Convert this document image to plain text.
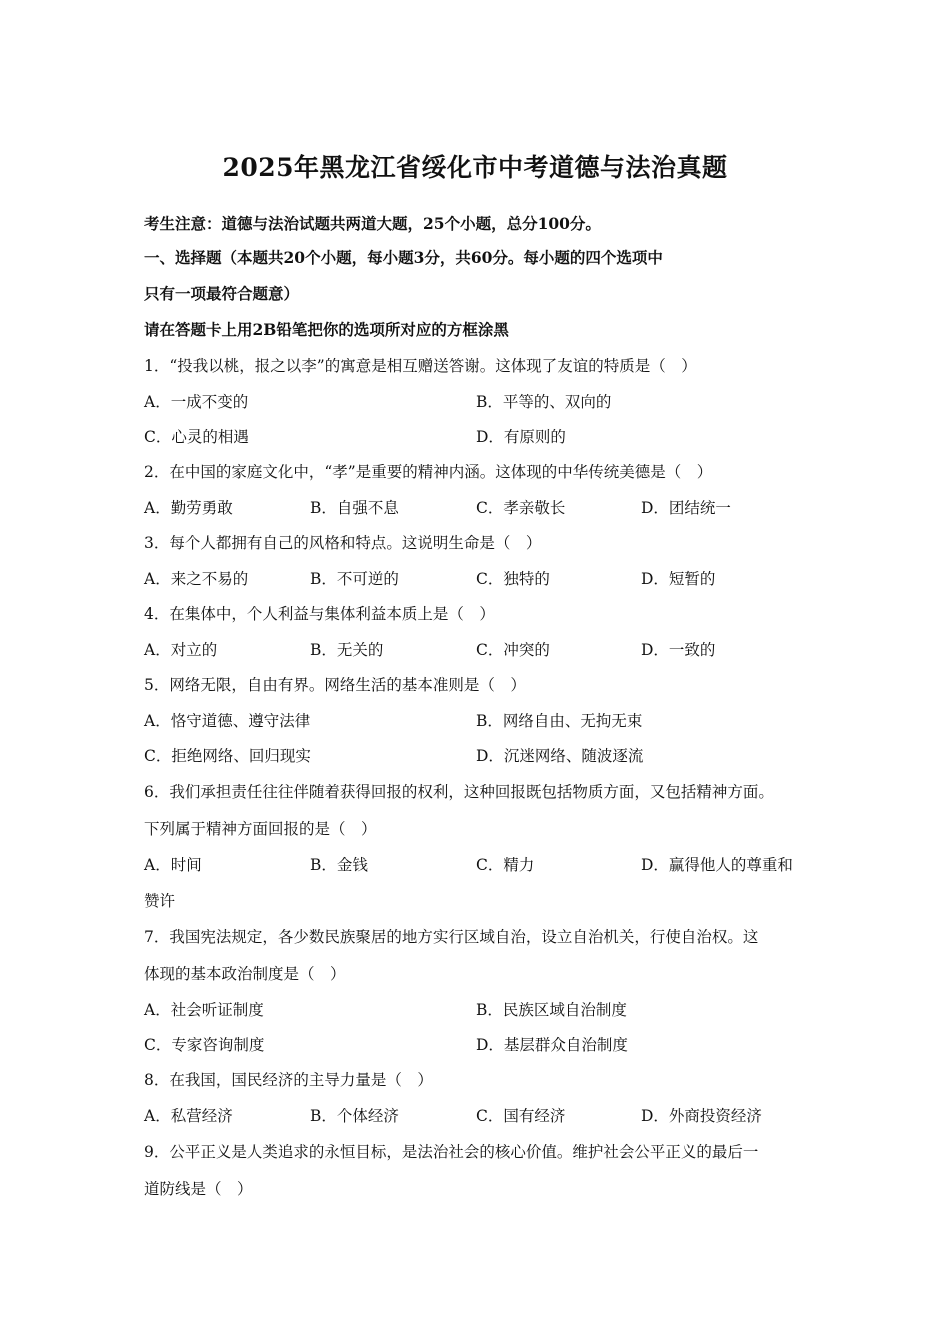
2025年黑龙江省绥化市中考道德与法治真题
考生注意：道德与法治试题共两道大题，25个小题，总分100分。
一、选择题（本题共20个小题，每小题3分，共60分。每小题的四个选项中
只有一项最符合题意）
请在答题卡上用2B铅笔把你的选项所对应的方框涂黑
1．“投我以桃，报之以李”的寓意是相互赠送答谢。这体现了友谊的特质是（　）
A．一成不变的	B．平等的、双向的
C．心灵的相遇	D．有原则的
2．在中国的家庭文化中，“孝”是重要的精神内涵。这体现的中华传统美德是（　）
A．勤劳勇敢	B．自强不息	C．孝亲敬长	D．团结统一
3．每个人都拥有自己的风格和特点。这说明生命是（　）
A．来之不易的	B．不可逆的	C．独特的	D．短暂的
4．在集体中，个人利益与集体利益本质上是（　）
A．对立的	B．无关的	C．冲突的	D．一致的
5．网络无限，自由有界。网络生活的基本准则是（　）
A．恪守道德、遵守法律	B．网络自由、无拘无束
C．拒绝网络、回归现实	D．沉迷网络、随波逐流
6．我们承担责任往往伴随着获得回报的权利，这种回报既包括物质方面，又包括精神方面。
下列属于精神方面回报的是（　）
A．时间	B．金钱	C．精力	D．赢得他人的尊重和
赞许
7．我国宪法规定，各少数民族聚居的地方实行区域自治，设立自治机关，行使自治权。这
体现的基本政治制度是（　）
A．社会听证制度	B．民族区域自治制度
C．专家咨询制度	D．基层群众自治制度
8．在我国，国民经济的主导力量是（　）
A．私营经济	B．个体经济	C．国有经济	D．外商投资经济
9．公平正义是人类追求的永恒目标，是法治社会的核心价值。维护社会公平正义的最后一
道防线是（　）
